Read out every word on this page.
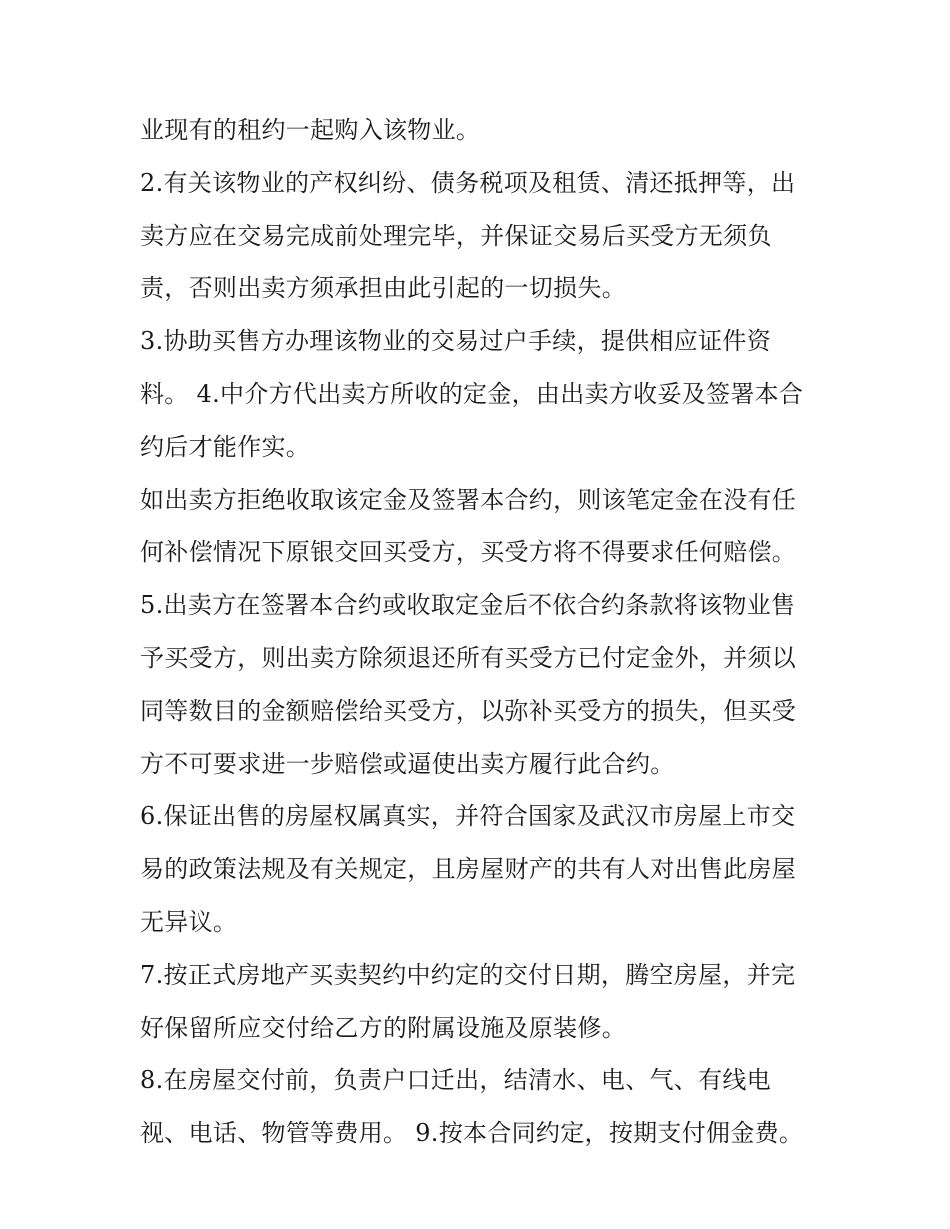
业现有的租约一起购入该物业。
2.有关该物业的产权纠纷、债务税项及租赁、清还抵押等，出
卖方应在交易完成前处理完毕，并保证交易后买受方无须负
责，否则出卖方须承担由此引起的一切损失。
3.协助买售方办理该物业的交易过户手续，提供相应证件资
料。 4.中介方代出卖方所收的定金，由出卖方收妥及签署本合
约后才能作实。
如出卖方拒绝收取该定金及签署本合约，则该笔定金在没有任
何补偿情况下原银交回买受方，买受方将不得要求任何赔偿。
5.出卖方在签署本合约或收取定金后不依合约条款将该物业售
予买受方，则出卖方除须退还所有买受方已付定金外，并须以
同等数目的金额赔偿给买受方，以弥补买受方的损失，但买受
方不可要求进一步赔偿或逼使出卖方履行此合约。
6.保证出售的房屋权属真实，并符合国家及武汉市房屋上市交
易的政策法规及有关规定，且房屋财产的共有人对出售此房屋
无异议。
7.按正式房地产买卖契约中约定的交付日期，腾空房屋，并完
好保留所应交付给乙方的附属设施及原装修。
8.在房屋交付前，负责户口迁出，结清水、电、气、有线电
视、电话、物管等费用。 9.按本合同约定，按期支付佣金费。
